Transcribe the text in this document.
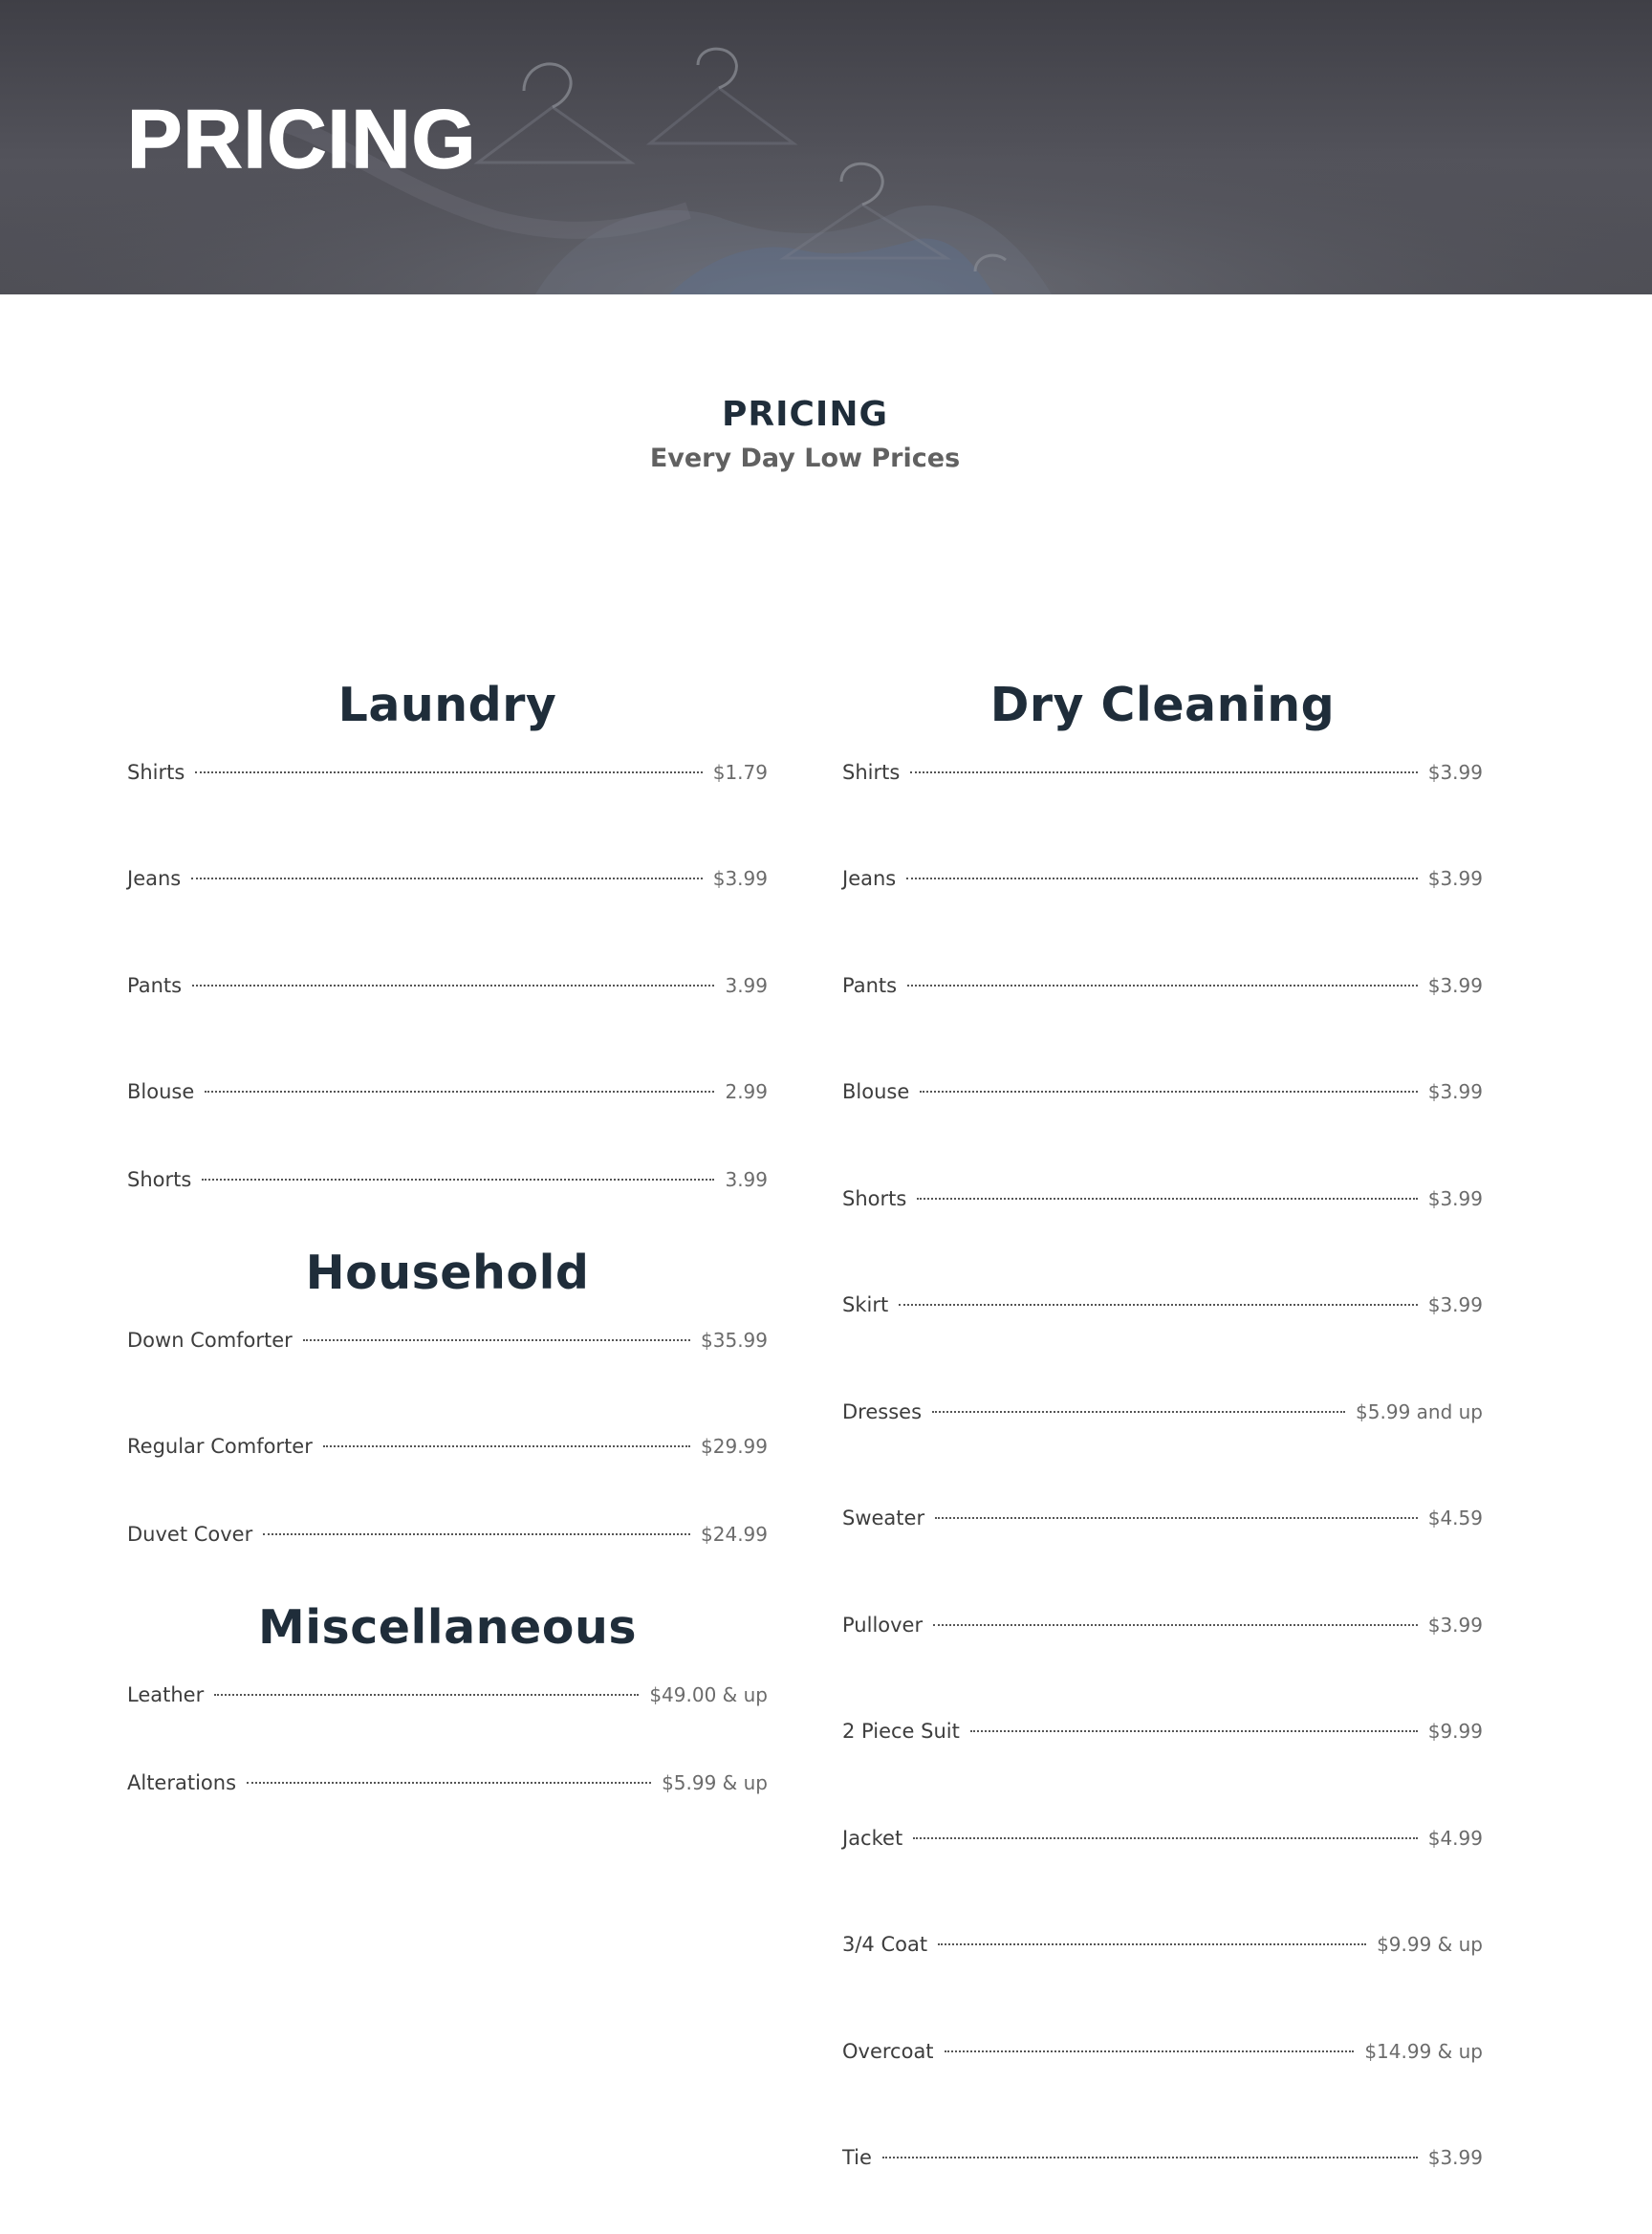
PRICING
PRICING

Every Day Low Prices

Laundry
Shirts	$1.79
Jeans	$3.99
Pants	3.99
Blouse	2.99
Shorts	3.99
Household
Down Comforter	$35.99
Regular Comforter	$29.99
Duvet Cover	$24.99
Miscellaneous
Leather	$49.00 & up
Alterations	$5.99 & up
Dry Cleaning
Shirts	$3.99
Jeans	$3.99
Pants	$3.99
Blouse	$3.99
Shorts	$3.99
Skirt	$3.99
Dresses	$5.99 and up
Sweater	$4.59
Pullover	$3.99
2 Piece Suit	$9.99
Jacket	$4.99
3/4 Coat	$9.99 & up
Overcoat	$14.99 & up
Tie	$3.99
